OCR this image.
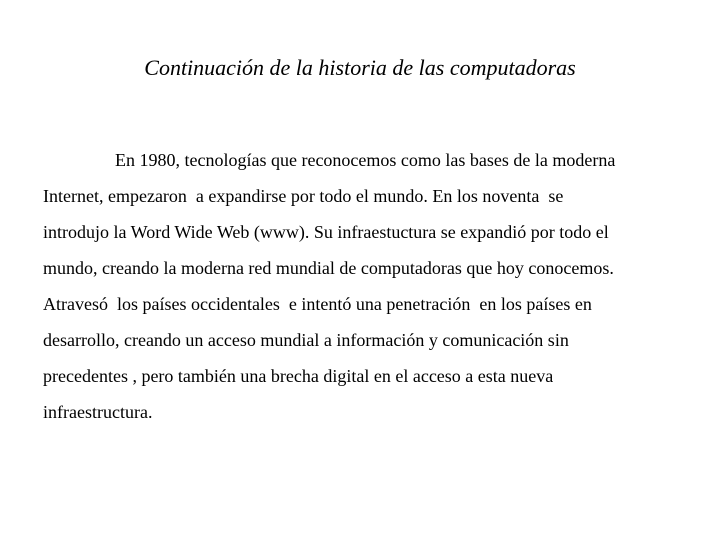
Continuación de la historia de las computadoras
En 1980, tecnologías que reconocemos como las bases de la moderna
Internet, empezaron  a expandirse por todo el mundo. En los noventa  se
introdujo la Word Wide Web (www). Su infraestuctura se expandió por todo el
mundo, creando la moderna red mundial de computadoras que hoy conocemos.
Atravesó  los países occidentales  e intentó una penetración  en los países en
desarrollo, creando un acceso mundial a información y comunicación sin
precedentes , pero también una brecha digital en el acceso a esta nueva
infraestructura.
